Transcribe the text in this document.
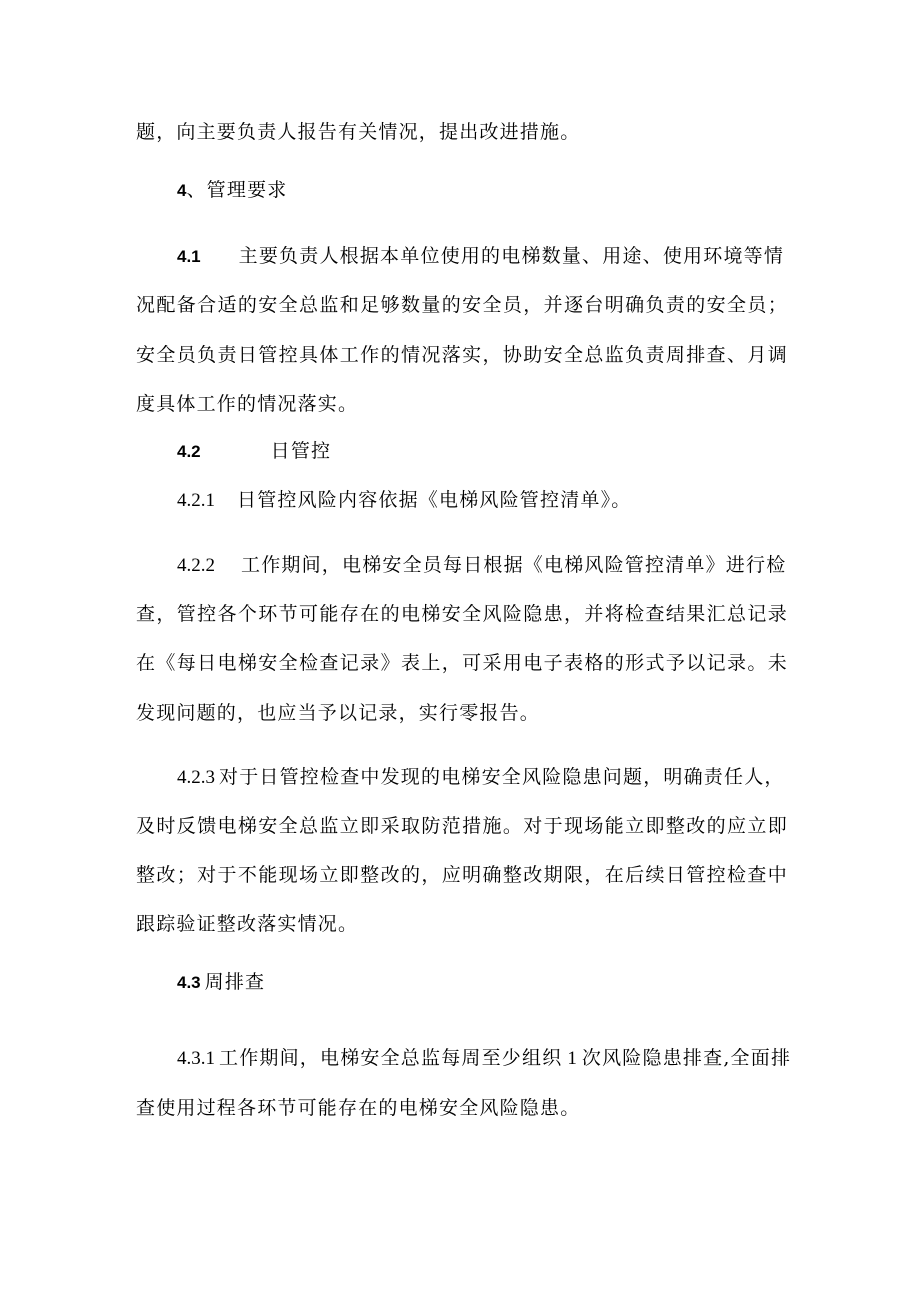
题，向主要负责人报告有关情况，提出改进措施。
4、管理要求
4.1 主要负责人根据本单位使用的电梯数量、用途、使用环境等情
况配备合适的安全总监和足够数量的安全员，并逐台明确负责的安全员；
安全员负责日管控具体工作的情况落实，协助安全总监负责周排查、月调
度具体工作的情况落实。
4.2	日管控
4.2.1 日管控风险内容依据《电梯风险管控清单》。
4.2.2 工作期间，电梯安全员每日根据《电梯风险管控清单》进行检
查，管控各个环节可能存在的电梯安全风险隐患，并将检查结果汇总记录
在《每日电梯安全检查记录》表上，可采用电子表格的形式予以记录。未
发现问题的，也应当予以记录，实行零报告。
4.2.3 对于日管控检查中发现的电梯安全风险隐患问题，明确责任人，
及时反馈电梯安全总监立即采取防范措施。对于现场能立即整改的应立即
整改；对于不能现场立即整改的，应明确整改期限，在后续日管控检查中
跟踪验证整改落实情况。
4.3 周排查
4.3.1 工作期间，电梯安全总监每周至少组织 1 次风险隐患排查,全面排
查使用过程各环节可能存在的电梯安全风险隐患。
